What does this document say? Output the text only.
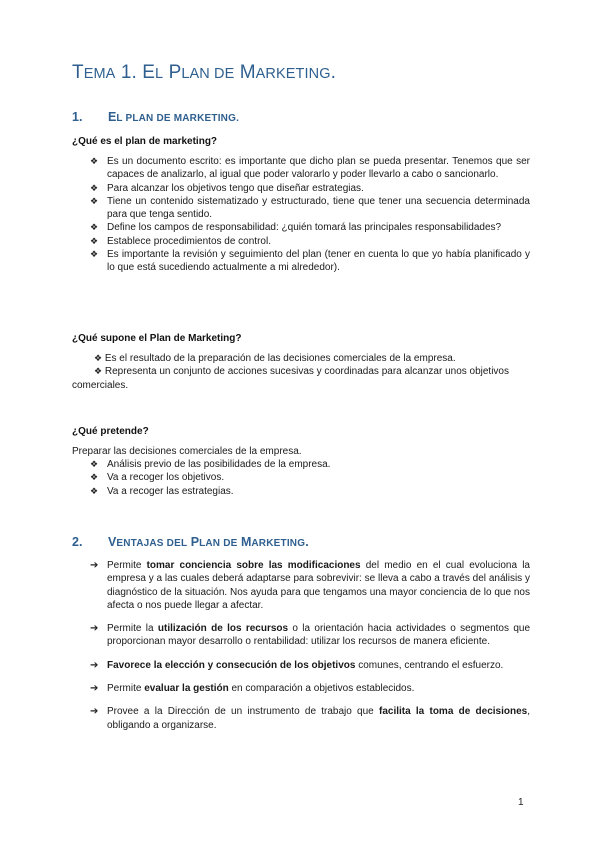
TEMA 1. EL PLAN DE MARKETING.
1. EL PLAN DE MARKETING.

¿Qué es el plan de marketing?

❖ Es un documento escrito: es importante que dicho plan se pueda presentar. Tenemos que ser capaces de analizarlo, al igual que poder valorarlo y poder llevarlo a cabo o sancionarlo.
❖ Para alcanzar los objetivos tengo que diseñar estrategias.
❖ Tiene un contenido sistematizado y estructurado, tiene que tener una secuencia determinada para que tenga sentido.
❖ Define los campos de responsabilidad: ¿quién tomará las principales responsabilidades?
❖ Establece procedimientos de control.
❖ Es importante la revisión y seguimiento del plan (tener en cuenta lo que yo había planificado y lo que está sucediendo actualmente a mi alrededor).

¿Qué supone el Plan de Marketing?

❖ Es el resultado de la preparación de las decisiones comerciales de la empresa.
❖ Representa un conjunto de acciones sucesivas y coordinadas para alcanzar unos objetivos comerciales.

¿Qué pretende?

Preparar las decisiones comerciales de la empresa.

❖ Análisis previo de las posibilidades de la empresa.
❖ Va a recoger los objetivos.
❖ Va a recoger las estrategias.
2. VENTAJAS DEL PLAN DE MARKETING.
➔ Permite tomar conciencia sobre las modificaciones del medio en el cual evoluciona la empresa y a las cuales deberá adaptarse para sobrevivir: se lleva a cabo a través del análisis y diagnóstico de la situación. Nos ayuda para que tengamos una mayor conciencia de lo que nos afecta o nos puede llegar a afectar.
➔ Permite la utilización de los recursos o la orientación hacia actividades o segmentos que proporcionan mayor desarrollo o rentabilidad: utilizar los recursos de manera eficiente.
➔ Favorece la elección y consecución de los objetivos comunes, centrando el esfuerzo.
➔ Permite evaluar la gestión en comparación a objetivos establecidos.
➔ Provee a la Dirección de un instrumento de trabajo que facilita la toma de decisiones, obligando a organizarse.
1
